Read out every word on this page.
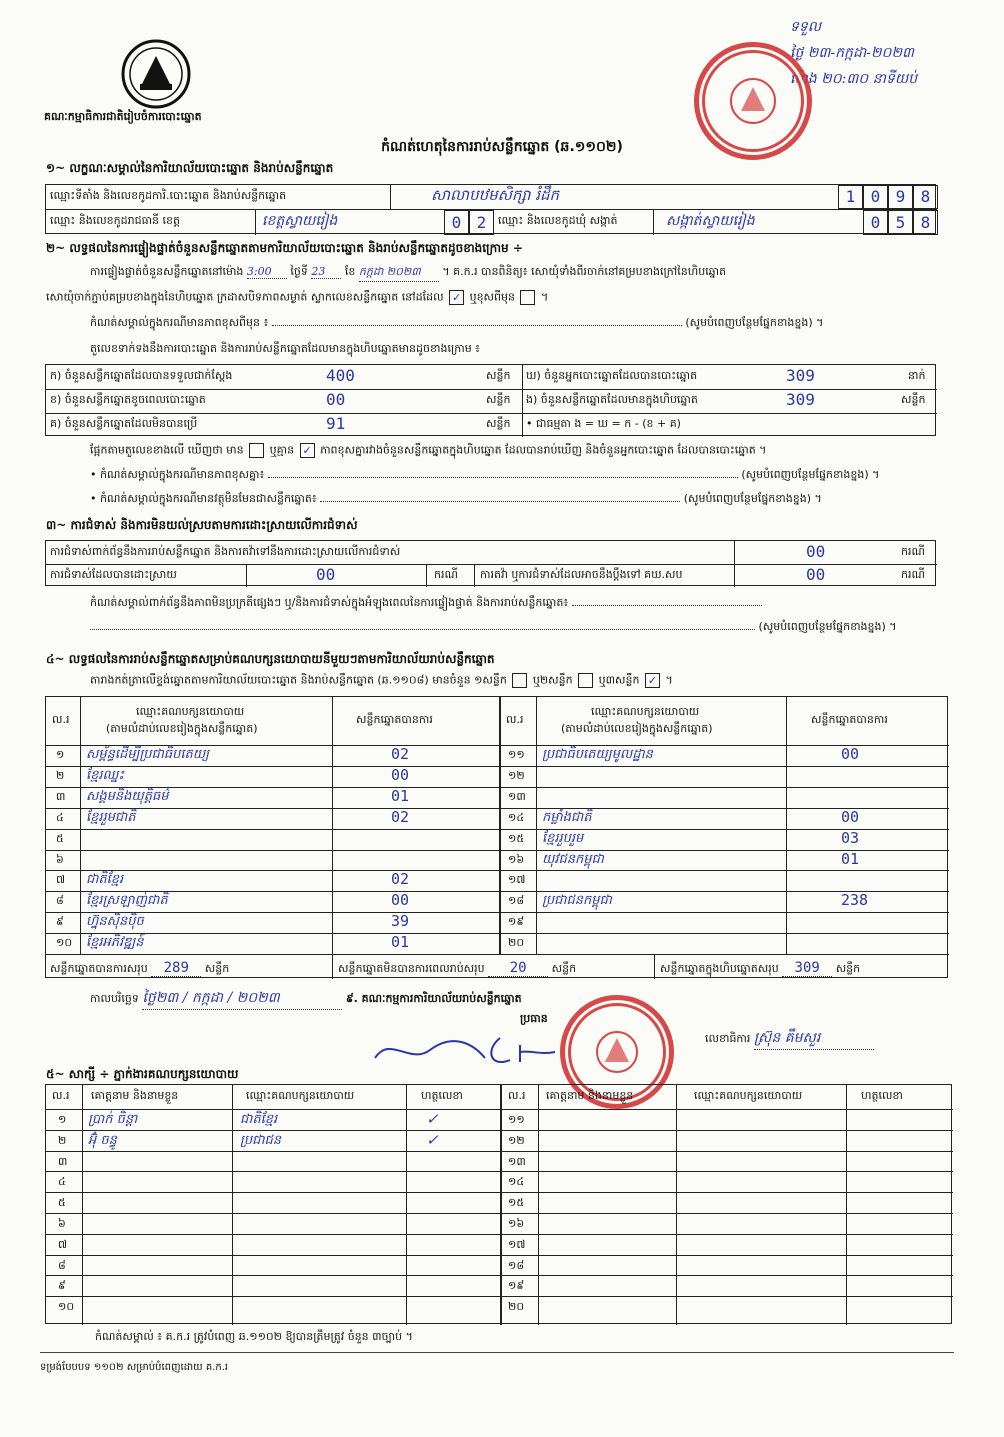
គណៈកម្មាធិការជាតិរៀបចំការបោះឆ្នោត
ទទួល
ថ្ងៃ ២៣-កក្កដា-២០២៣
ម៉ោង ២០:៣០ នាទីយប់
កំណត់ហេតុនៃការរាប់សន្លឹកឆ្នោត (ឆ.១១០២)
១~ លក្ខណៈសម្គាល់នៃការិយាល័យបោះឆ្នោត និងរាប់សន្លឹកឆ្នោត
ឈ្មោះទីតាំង និងលេខកូដការិ.បោះឆ្នោត និងរាប់សន្លឹកឆ្នោត	សាលាបឋមសិក្សា រំដឹក	1 0 9 8
ឈ្មោះ និងលេខកូដរាជធានី ខេត្ត	ខេត្តស្វាយរៀង	0 2	ឈ្មោះ និងលេខកូដឃុំ សង្កាត់	សង្កាត់ស្វាយរៀង	0 5 8
២~ លទ្ធផលនៃការផ្ទៀងផ្ទាត់ចំនួនសន្លឹកឆ្នោតតាមការិយាល័យបោះឆ្នោត និងរាប់សន្លឹកឆ្នោតដូចខាងក្រោម ÷
ការផ្ទៀងផ្ទាត់ចំនួនសន្លឹកឆ្នោតនៅម៉ោង 3:00 ថ្ងៃទី 23 ខែ កក្កដា ២០២៣ ។ គ.ក.រ បានពិនិត្យ៖ សោយុំទាំងពីរចាក់នៅគម្របខាងក្រៅនៃហិបឆ្នោត
សោយុំចាក់ភ្ជាប់គម្របខាងក្នុងនៃហិបឆ្នោត ក្រដាសបិទភាពសម្ងាត់ ស្លាកលេខសន្លឹកឆ្នោត នៅដដែល ✓ ឬខុសពីមុន  ។
កំណត់សម្គាល់ក្នុងករណីមានភាពខុសពីមុន ៖	(សូមបំពេញបន្ថែមផ្នែកខាងខ្នង) ។
តួលេខទាក់ទងនឹងការបោះឆ្នោត និងការរាប់សន្លឹកឆ្នោតដែលមានក្នុងហិបឆ្នោតមានដូចខាងក្រោម ៖
ក) ចំនួនសន្លឹកឆ្នោតដែលបានទទួលជាក់ស្តែង	400	សន្លឹក ឃ) ចំនួនអ្នកបោះឆ្នោតដែលបានបោះឆ្នោត	309	នាក់
ខ) ចំនួនសន្លឹកឆ្នោតខូចពេលបោះឆ្នោត	00	សន្លឹក ង) ចំនួនសន្លឹកឆ្នោតដែលមានក្នុងហិបឆ្នោត	309	សន្លឹក
គ) ចំនួនសន្លឹកឆ្នោតដែលមិនបានប្រើ	91	សន្លឹក • ជាធម្មតា ង = ឃ = ក - (ខ + គ)
ផ្អែកតាមតួលេខខាងលើ ឃើញថា មាន ឬគ្មាន ✓ ភាពខុសគ្នារវាងចំនួនសន្លឹកឆ្នោតក្នុងហិបឆ្នោត ដែលបានរាប់ឃើញ និងចំនួនអ្នកបោះឆ្នោត ដែលបានបោះឆ្នោត ។
• កំណត់សម្គាល់ក្នុងករណីមានភាពខុសគ្នា៖	(សូមបំពេញបន្ថែមផ្នែកខាងខ្នង) ។
• កំណត់សម្គាល់ក្នុងករណីមានវត្ថុមិនមែនជាសន្លឹកឆ្នោត៖	(សូមបំពេញបន្ថែមផ្នែកខាងខ្នង) ។
៣~ ការជំទាស់ និងការមិនយល់ស្របតាមការដោះស្រាយលើការជំទាស់
ការជំទាស់ពាក់ព័ន្ធនឹងការរាប់សន្លឹកឆ្នោត និងការតវ៉ាទៅនឹងការដោះស្រាយលើការជំទាស់	00	ករណី
ការជំទាស់ដែលបានដោះស្រាយ	00	ករណី ការតវ៉ា ឬការជំទាស់ដែលអាចនឹងប្តឹងទៅ គឃ.សប	00	ករណី
កំណត់សម្គាល់ពាក់ព័ន្ធនឹងភាពមិនប្រក្រតីផ្សេងៗ ឬ/និងការជំទាស់ក្នុងអំឡុងពេលនៃការផ្ទៀងផ្ទាត់ និងការរាប់សន្លឹកឆ្នោត៖
(សូមបំពេញបន្ថែមផ្នែកខាងខ្នង) ។
៤~ លទ្ធផលនៃការរាប់សន្លឹកឆ្នោតសម្រាប់គណបក្សនយោបាយនីមួយៗតាមការិយាល័យរាប់សន្លឹកឆ្នោត
តារាងកត់ត្រាលើខ្ទង់ឆ្នោតតាមការិយាល័យបោះឆ្នោត និងរាប់សន្លឹកឆ្នោត (ឆ.១១០៨) មានចំនួន ១សន្លឹក ឬ២សន្លឹក ឬ៣សន្លឹក ✓ ។
ល.រ
ឈ្មោះគណបក្សនយោបាយ
(តាមលំដាប់លេខរៀងក្នុងសន្លឹកឆ្នោត)
សន្លឹកឆ្នោតបានការ	ល.រ
ឈ្មោះគណបក្សនយោបាយ
(តាមលំដាប់លេខរៀងក្នុងសន្លឹកឆ្នោត)
សន្លឹកឆ្នោតបានការ
១ សម្ព័ន្ធដើម្បីប្រជាធិបតេយ្យ	02	១១ ប្រជាធិបតេយ្យមូលដ្ឋាន	00
២ ខ្មែរឈ្នះ	00	១២
៣ សង្គមនិងយុត្តិធម៌	01	១៣
៤ ខ្មែររួមជាតិ	02	១៤ កម្លាំងជាតិ	00
៥	១៥ ខ្មែររួបរួម	03
៦	១៦ យុវជនកម្ពុជា	01
៧ ជាតិខ្មែរ	02	១៧
៨ ខ្មែរស្រឡាញ់ជាតិ	00	១៨ ប្រជាជនកម្ពុជា	238
៩ ហ្វ៊ុនស៊ិនប៉ិច	39	១៩
១០ ខ្មែរអភិវឌ្ឍន៍	01	២០
សន្លឹកឆ្នោតបានការសរុប 289 សន្លឹក	សន្លឹកឆ្នោតមិនបានការពេលរាប់សរុប 20 សន្លឹក	សន្លឹកឆ្នោតក្នុងហិបឆ្នោតសរុប 309 សន្លឹក
កាលបរិច្ឆេទ ថ្ងៃ២៣ / កក្កដា / ២០២៣	៩. គណៈកម្មការការិយាល័យរាប់សន្លឹកឆ្នោត
ប្រធាន
លេខាធិការ ស្រ៊ុន គឹមសួរ
៥~ សាក្សី ÷ ភ្នាក់ងារគណបក្សនយោបាយ
ល.រ គោត្តនាម និងនាមខ្លួន	ឈ្មោះគណបក្សនយោបាយ	ហត្ថលេខា	ល.រ គោត្តនាម និងនាមខ្លួន	ឈ្មោះគណបក្សនយោបាយ	ហត្ថលេខា
១ ប្រាក់ ចិន្តា	ជាតិខ្មែរ	✓	១១
២ អ៊ុំ ចន្ធូ	ប្រជាជន	✓	១២
៣	១៣
៤	១៤
៥	១៥
៦	១៦
៧	១៧
៨	១៨
៩	១៩
១០	២០
កំណត់សម្គាល់ ៖ គ.ក.រ ត្រូវបំពេញ ឆ.១១០២ ឱ្យបានត្រឹមត្រូវ ចំនួន ៣ច្បាប់ ។
ទម្រង់បែបបទ ១១០២ សម្រាប់បំពេញដោយ គ.ក.រ
